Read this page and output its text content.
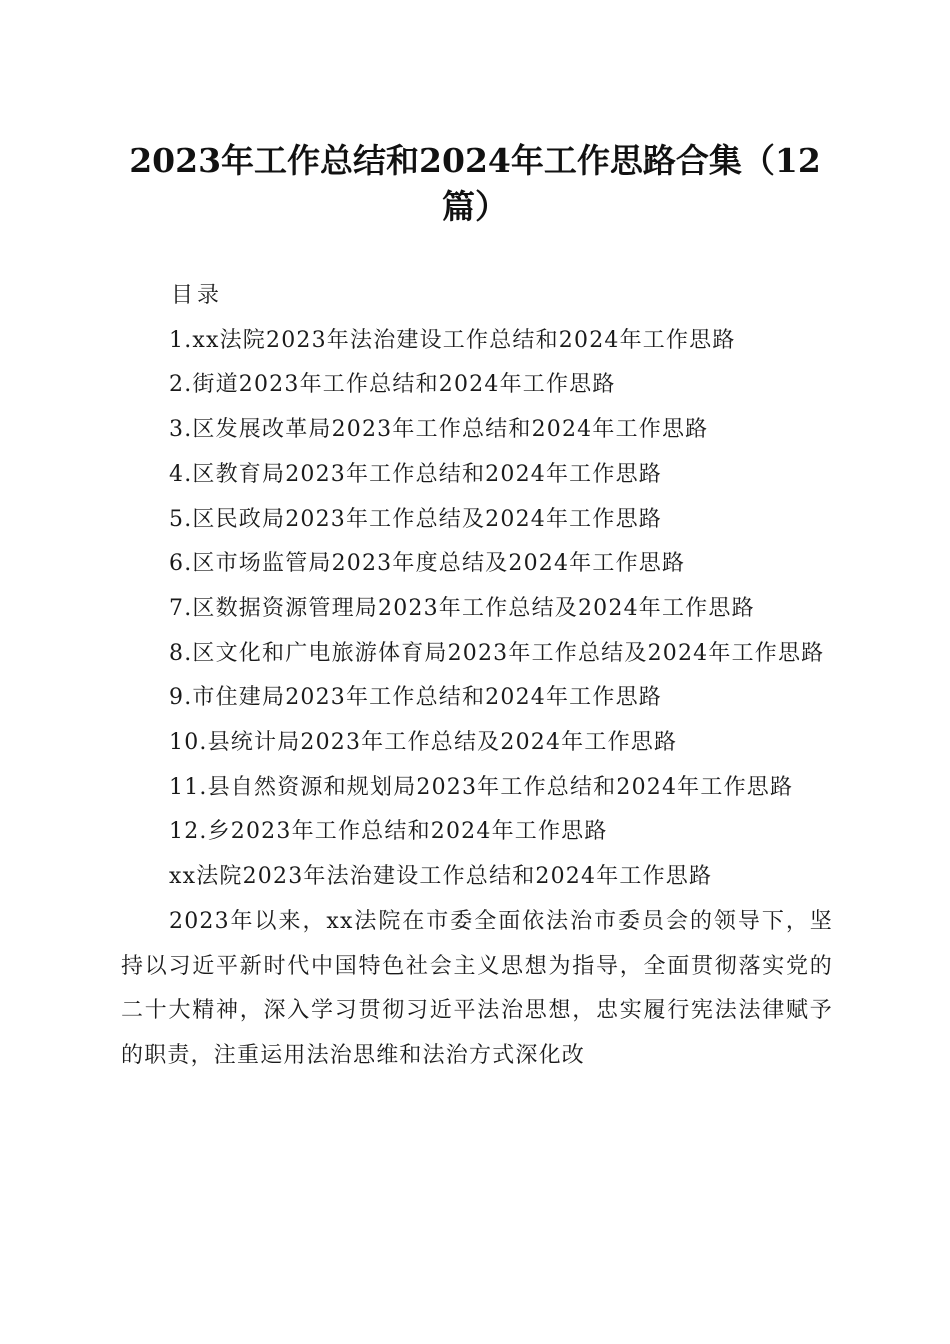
2023年工作总结和2024年工作思路合集（12篇）

目录

1.xx法院2023年法治建设工作总结和2024年工作思路

2.街道2023年工作总结和2024年工作思路

3.区发展改革局2023年工作总结和2024年工作思路

4.区教育局2023年工作总结和2024年工作思路

5.区民政局2023年工作总结及2024年工作思路

6.区市场监管局2023年度总结及2024年工作思路

7.区数据资源管理局2023年工作总结及2024年工作思路

8.区文化和广电旅游体育局2023年工作总结及2024年工作思路

9.市住建局2023年工作总结和2024年工作思路

10.县统计局2023年工作总结及2024年工作思路

11.县自然资源和规划局2023年工作总结和2024年工作思路

12.乡2023年工作总结和2024年工作思路

xx法院2023年法治建设工作总结和2024年工作思路

2023年以来，xx法院在市委全面依法治市委员会的领导下，坚持以习近平新时代中国特色社会主义思想为指导，全面贯彻落实党的二十大精神，深入学习贯彻习近平法治思想，忠实履行宪法法律赋予的职责，注重运用法治思维和法治方式深化改
